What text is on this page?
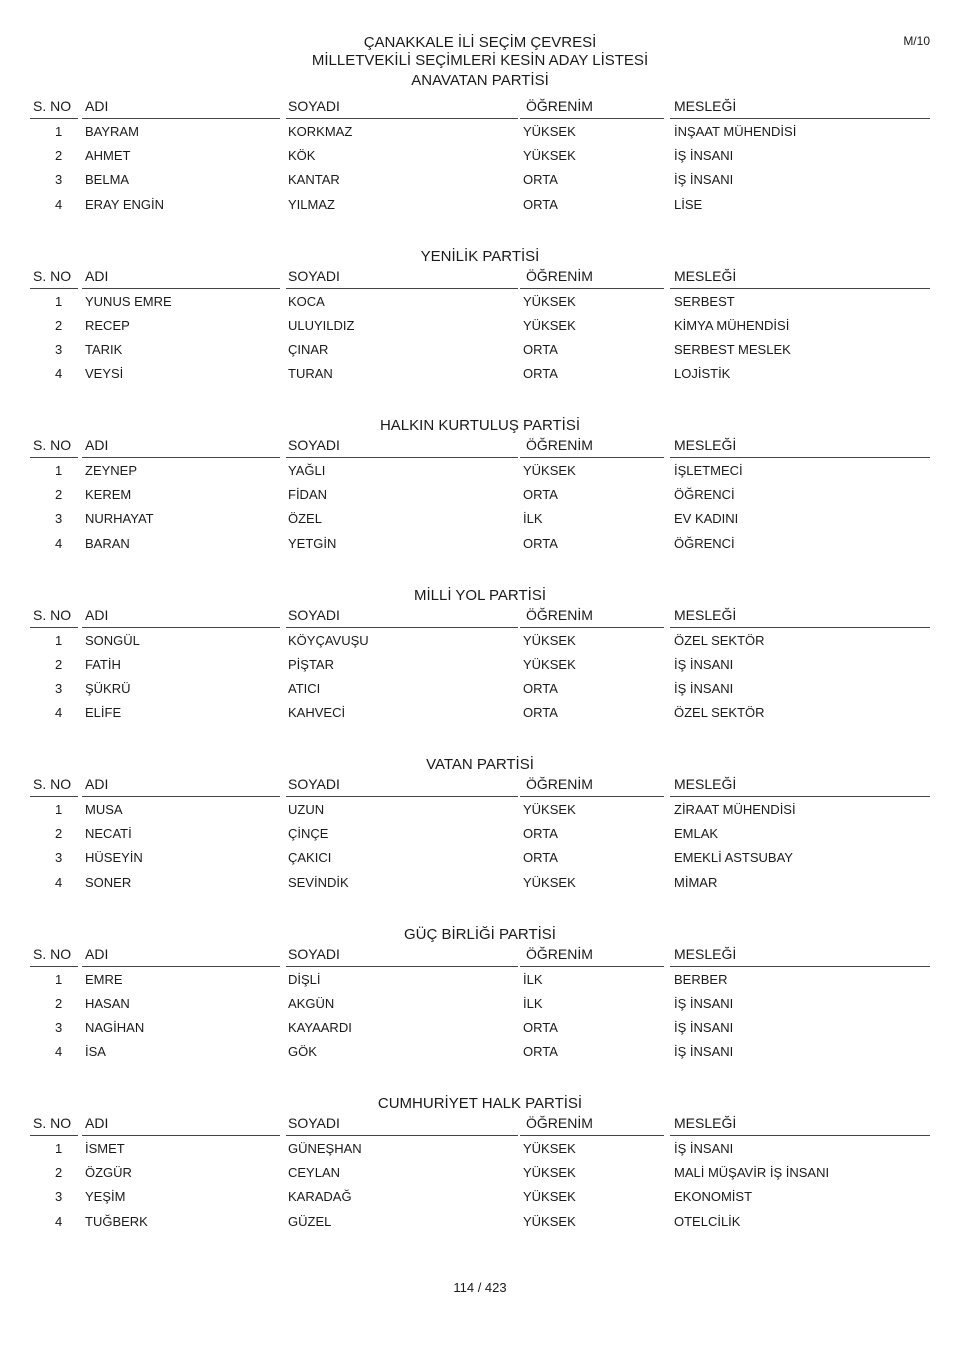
M/10
ÇANAKKALE İLİ SEÇİM ÇEVRESİ
MİLLETVEKİLİ SEÇİMLERİ KESİN ADAY LİSTESİ
ANAVATAN PARTİSİ
S. NO ADI	SOYADI	ÖĞRENİM	MESLEĞİ
1 BAYRAM	KORKMAZ	YÜKSEK	İNŞAAT MÜHENDİSİ
2 AHMET	KÖK	YÜKSEK	İŞ İNSANI
3 BELMA	KANTAR	ORTA	İŞ İNSANI
4 ERAY ENGİN	YILMAZ	ORTA	LİSE
YENİLİK PARTİSİ
S. NO ADI	SOYADI	ÖĞRENİM	MESLEĞİ
1 YUNUS EMRE	KOCA	YÜKSEK	SERBEST
2 RECEP	ULUYILDIZ	YÜKSEK	KİMYA MÜHENDİSİ
3 TARIK	ÇINAR	ORTA	SERBEST MESLEK
4 VEYSİ	TURAN	ORTA	LOJİSTİK
HALKIN KURTULUŞ PARTİSİ
S. NO ADI	SOYADI	ÖĞRENİM	MESLEĞİ
1 ZEYNEP	YAĞLI	YÜKSEK	İŞLETMECİ
2 KEREM	FİDAN	ORTA	ÖĞRENCİ
3 NURHAYAT	ÖZEL	İLK	EV KADINI
4 BARAN	YETGİN	ORTA	ÖĞRENCİ
MİLLİ YOL PARTİSİ
S. NO ADI	SOYADI	ÖĞRENİM	MESLEĞİ
1 SONGÜL	KÖYÇAVUŞU	YÜKSEK	ÖZEL SEKTÖR
2 FATİH	PİŞTAR	YÜKSEK	İŞ İNSANI
3 ŞÜKRÜ	ATICI	ORTA	İŞ İNSANI
4 ELİFE	KAHVECİ	ORTA	ÖZEL SEKTÖR
VATAN PARTİSİ
S. NO ADI	SOYADI	ÖĞRENİM	MESLEĞİ
1 MUSA	UZUN	YÜKSEK	ZİRAAT MÜHENDİSİ
2 NECATİ	ÇİNÇE	ORTA	EMLAK
3 HÜSEYİN	ÇAKICI	ORTA	EMEKLİ ASTSUBAY
4 SONER	SEVİNDİK	YÜKSEK	MİMAR
GÜÇ BİRLİĞİ PARTİSİ
S. NO ADI	SOYADI	ÖĞRENİM	MESLEĞİ
1 EMRE	DİŞLİ	İLK	BERBER
2 HASAN	AKGÜN	İLK	İŞ İNSANI
3 NAGİHAN	KAYAARDI	ORTA	İŞ İNSANI
4 İSA	GÖK	ORTA	İŞ İNSANI
CUMHURİYET HALK PARTİSİ
S. NO ADI	SOYADI	ÖĞRENİM	MESLEĞİ
1 İSMET	GÜNEŞHAN	YÜKSEK	İŞ İNSANI
2 ÖZGÜR	CEYLAN	YÜKSEK	MALİ MÜŞAVİR İŞ İNSANI
3 YEŞİM	KARADAĞ	YÜKSEK	EKONOMİST
4 TUĞBERK	GÜZEL	YÜKSEK	OTELCİLİK
114 / 423
